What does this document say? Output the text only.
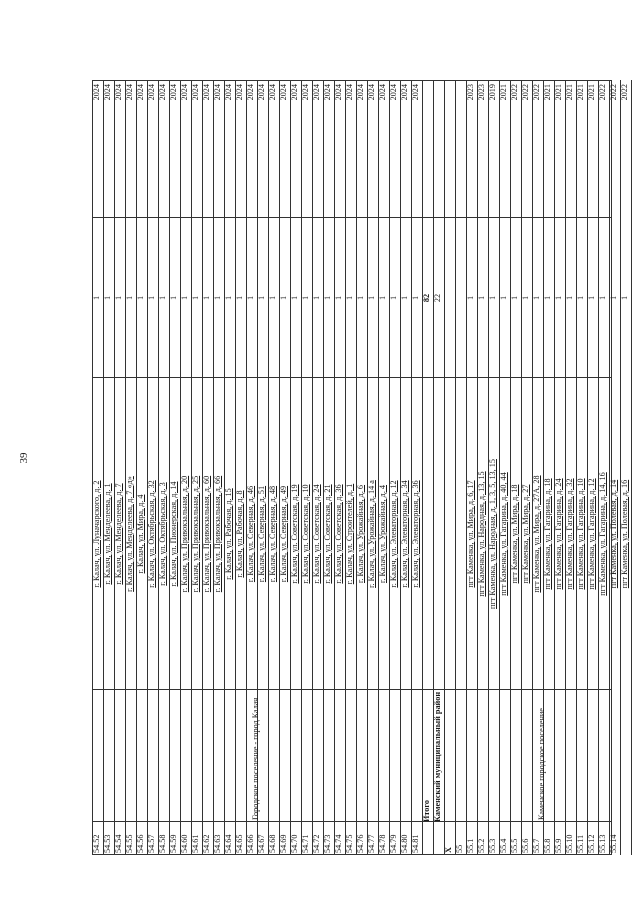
39
54.52
г. Калач, ул. Луначарского, д. 2
1
2024
54.53
г. Калач, ул. Менделеева, д. 1
1
2024
54.54
г. Калач, ул. Менделеева, д. 7
1
2024
54.55
г. Калач, ул. Менделеева, д. 7 «д»
1
2024
54.56
г. Калач, ул. Мира, д. 4
1
2024
54.57
г. Калач, ул. Октябрьская, д. 32
1
2024
54.58
г. Калач, ул. Октябрьская, д. 3
1
2024
54.59
г. Калач, ул. Пионерская, д. 14
1
2024
54.60
г. Калач, ул. Привокзальная, д. 20
1
2024
54.61
г. Калач, ул. Привокзальная, д. 25
1
2024
54.62
г. Калач, ул. Привокзальная, д. 60
1
2024
54.63
г. Калач, ул. Привокзальная, д. 66
1
2024
54.64
г. Калач, ул. Рабочая, д. 15
1
2024
54.65
г. Калач, ул. Рабочая, д. 8
1
2024
54.66
г. Калач, ул. Северная, д. 46
1
2024
54.67
г. Калач, ул. Северная, д. 51
1
2024
54.68
г. Калач, ул. Северная, д. 48
1
2024
54.69
г. Калач, ул. Северная, д. 49
1
2024
54.70
г. Калач, ул. Советская, д. 19
1
2024
54.71
г. Калач, ул. Советская, д. 10
1
2024
54.72
г. Калач, ул. Советская, д. 24
1
2024
54.73
г. Калач, ул. Советская, д. 21
1
2024
54.74
г. Калач, ул. Советская, д. 36
1
2024
54.75
г. Калач, ул. Строителей, д. 1
1
2024
54.76
г. Калач, ул. Урожайная, д. 6
1
2024
54.77
г. Калач, ул. Урожайная, д. 14 а
1
2024
54.78
г. Калач, ул. Урожайная, д. 4
1
2024
54.79
г. Калач, ул. Элеваторная, д. 12
1
2024
54.80
г. Калач, ул. Элеваторная, д. 34
1
2024
54.81
г. Калач, ул. Элеваторная, д. 36
1
2024
Итого
82
Каменский муниципальный район
22
X 55 55.1
пгт Каменка, ул. Мира, д. 6, 17
1
2023
55.2
пгт Каменка, ул. Народная, д. 13, 15
1
2023
55.3
пгт Каменка, ул. Народная, д. 1, 3, 5, 13, 15
1
2019
55.4
пгт Каменка, ул. Гагарина, д. 40, 44
1
2021
55.5
пгт Каменка, ул. Мира, д. 18
1
2022
55.6
пгт Каменка, ул. Мира, д. 27
1
2022
55.7
пгт Каменка, ул. Мира, д. 27А, 28
1
2022
55.8
пгт Каменка, ул. Гагарина, д. 18
1
2021
55.9
пгт Каменка, ул. Гагарина, д. 24
1
2021
55.10
пгт Каменка, ул. Гагарина, д. 32
1
2021
55.11
пгт Каменка, ул. Гагарина, д. 10
1
2021
55.12
пгт Каменка, ул. Гагарина, д. 12
1
2021
55.13
пгт Каменка, ул. Гагарина, д. 14, 16
1
2022
55.14
пгт Каменка, ул. Полевая, д. 14
1
2022
пгт Каменка, ул. Полевая, д. 16
1
2022
Городское поселение - город Калач	Каменское городское поселение
